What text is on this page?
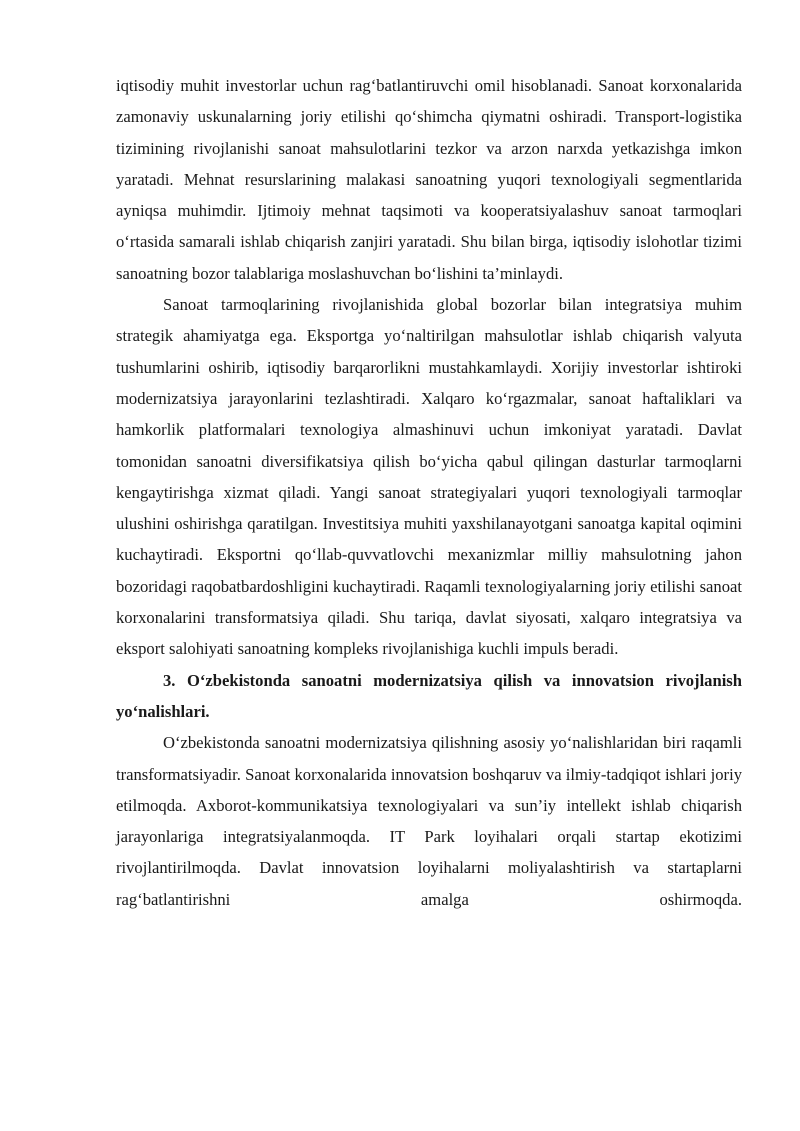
iqtisodiy muhit investorlar uchun rag‘batlantiruvchi omil hisoblanadi. Sanoat korxonalarida zamonaviy uskunalarning joriy etilishi qo‘shimcha qiymatni oshiradi. Transport-logistika tizimining rivojlanishi sanoat mahsulotlarini tezkor va arzon narxda yetkazishga imkon yaratadi. Mehnat resurslarining malakasi sanoatning yuqori texnologiyali segmentlarida ayniqsa muhimdir. Ijtimoiy mehnat taqsimoti va kooperatsiyalashuv sanoat tarmoqlari o‘rtasida samarali ishlab chiqarish zanjiri yaratadi. Shu bilan birga, iqtisodiy islohotlar tizimi sanoatning bozor talablariga moslashuvchan bo‘lishini ta’minlaydi.

Sanoat tarmoqlarining rivojlanishida global bozorlar bilan integratsiya muhim strategik ahamiyatga ega. Eksportga yo‘naltirilgan mahsulotlar ishlab chiqarish valyuta tushumlarini oshirib, iqtisodiy barqarorlikni mustahkamlaydi. Xorijiy investorlar ishtiroki modernizatsiya jarayonlarini tezlashtiradi. Xalqaro ko‘rgazmalar, sanoat haftaliklari va hamkorlik platformalari texnologiya almashinuvi uchun imkoniyat yaratadi. Davlat tomonidan sanoatni diversifikatsiya qilish bo‘yicha qabul qilingan dasturlar tarmoqlarni kengaytirishga xizmat qiladi. Yangi sanoat strategiyalari yuqori texnologiyali tarmoqlar ulushini oshirishga qaratilgan. Investitsiya muhiti yaxshilanayotgani sanoatga kapital oqimini kuchaytiradi. Eksportni qo‘llab-quvvatlovchi mexanizmlar milliy mahsulotning jahon bozoridagi raqobatbardoshligini kuchaytiradi. Raqamli texnologiyalarning joriy etilishi sanoat korxonalarini transformatsiya qiladi. Shu tariqa, davlat siyosati, xalqaro integratsiya va eksport salohiyati sanoatning kompleks rivojlanishiga kuchli impuls beradi.

3. O‘zbekistonda sanoatni modernizatsiya qilish va innovatsion rivojlanish yo‘nalishlari.

O‘zbekistonda sanoatni modernizatsiya qilishning asosiy yo‘nalishlaridan biri raqamli transformatsiyadir. Sanoat korxonalarida innovatsion boshqaruv va ilmiy-tadqiqot ishlari joriy etilmoqda. Axborot-kommunikatsiya texnologiyalari va sun’iy intellekt ishlab chiqarish jarayonlariga integratsiyalanmoqda. IT Park loyihalari orqali startap ekotizimi rivojlantirilmoqda. Davlat innovatsion loyihalarni moliyalashtirish va startaplarni rag‘batlantirishni amalga oshirmoqda.
